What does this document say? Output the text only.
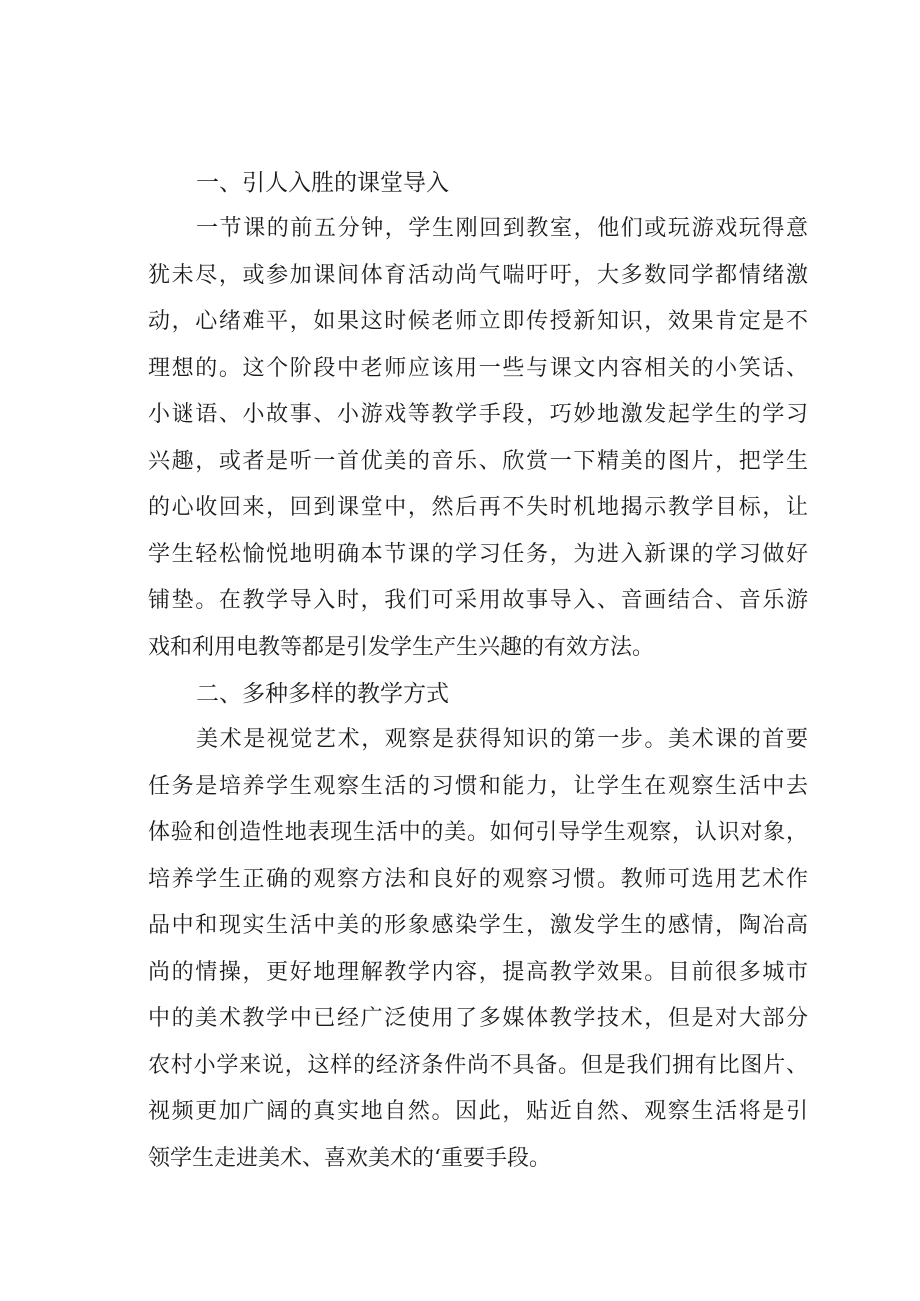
一、引人入胜的课堂导入
一节课的前五分钟，学生刚回到教室，他们或玩游戏玩得意
犹未尽，或参加课间体育活动尚气喘吁吁，大多数同学都情绪激
动，心绪难平，如果这时候老师立即传授新知识，效果肯定是不
理想的。这个阶段中老师应该用一些与课文内容相关的小笑话、
小谜语、小故事、小游戏等教学手段，巧妙地激发起学生的学习
兴趣，或者是听一首优美的音乐、欣赏一下精美的图片，把学生
的心收回来，回到课堂中，然后再不失时机地揭示教学目标，让
学生轻松愉悦地明确本节课的学习任务，为进入新课的学习做好
铺垫。在教学导入时，我们可采用故事导入、音画结合、音乐游
戏和利用电教等都是引发学生产生兴趣的有效方法。
二、多种多样的教学方式
美术是视觉艺术，观察是获得知识的第一步。美术课的首要
任务是培养学生观察生活的习惯和能力，让学生在观察生活中去
体验和创造性地表现生活中的美。如何引导学生观察，认识对象，
培养学生正确的观察方法和良好的观察习惯。教师可选用艺术作
品中和现实生活中美的形象感染学生，激发学生的感情，陶冶高
尚的情操，更好地理解教学内容，提高教学效果。目前很多城市
中的美术教学中已经广泛使用了多媒体教学技术，但是对大部分
农村小学来说，这样的经济条件尚不具备。但是我们拥有比图片、
视频更加广阔的真实地自然。因此，贴近自然、观察生活将是引
领学生走进美术、喜欢美术的‘重要手段。
